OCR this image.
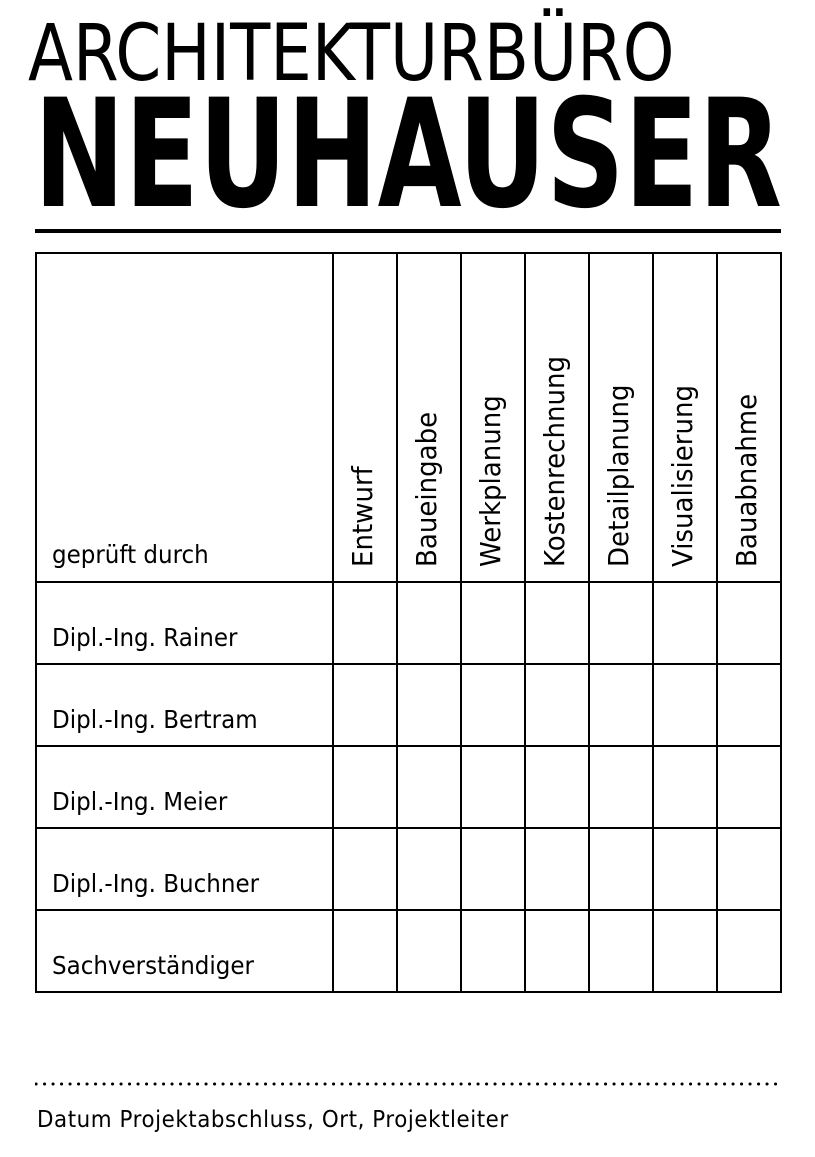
ARCHITEKTURBÜRO
NEUHAUSER
geprüft durch	Entwurf Baueingabe Werkplanung Kostenrechnung Detailplanung Visualisierung Bauabnahme
Dipl.-Ing. Rainer
Dipl.-Ing. Bertram
Dipl.-Ing. Meier
Dipl.-Ing. Buchner
Sachverständiger
Datum Projektabschluss, Ort, Projektleiter
